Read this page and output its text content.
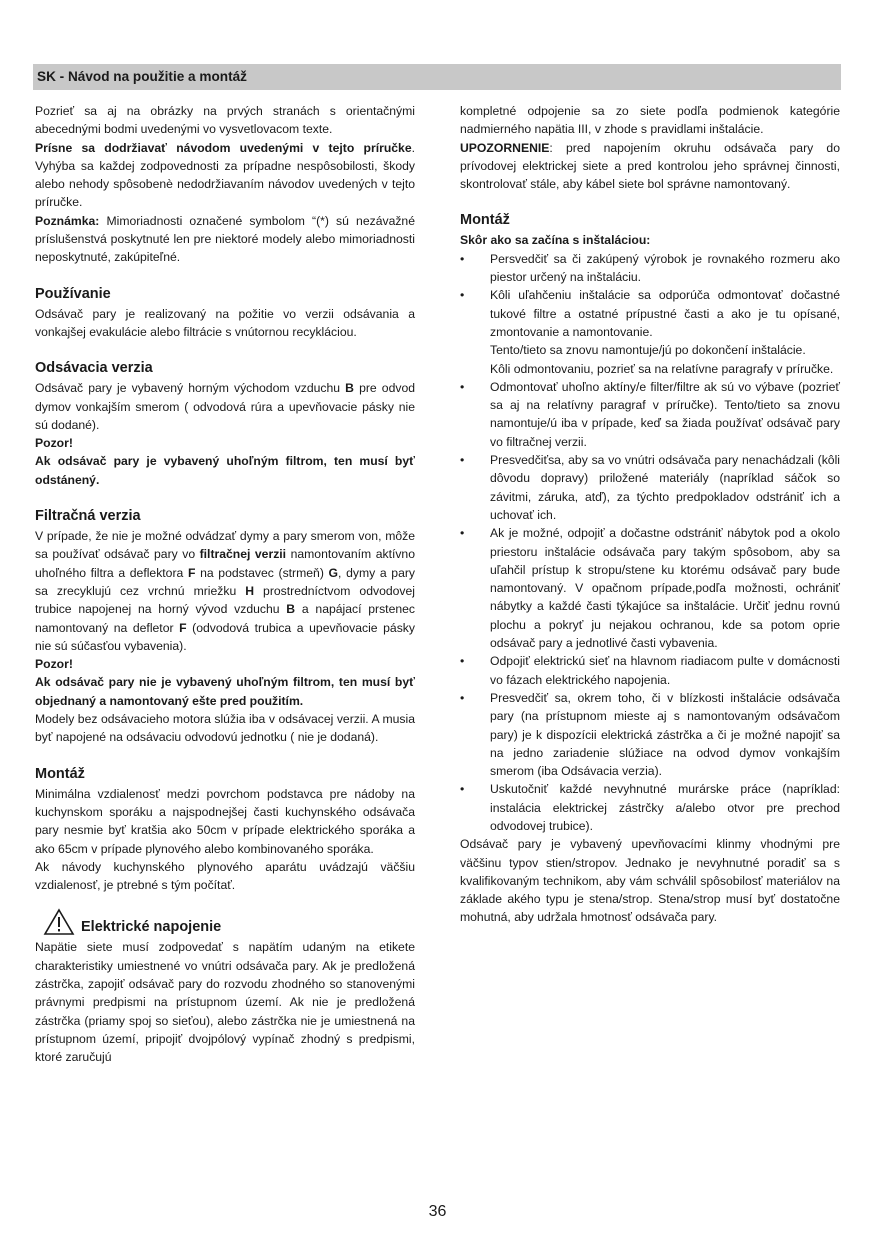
SK - Návod na použitie a montáž

Pozrieť sa aj na obrázky na prvých stranách s orientačnými abecednými bodmi uvedenými vo vysvetlovacom texte.

Prísne sa dodržiavať návodom uvedenými v tejto príručke. Vyhýba sa každej zodpovednosti za prípadne nespôsobilosti, škody alebo nehody spôsobenè nedodržiavaním návodov uvedených v tejto príručke.

Poznámka: Mimoriadnosti označené symbolom “(*) sú nezávažné príslušenstvá poskytnuté len pre niektoré modely alebo mimoriadnosti neposkytnuté, zakúpiteľné.

Používanie

Odsávač pary je realizovaný na požitie vo verzii odsávania a vonkajšej evakulácie alebo filtrácie s vnútornou recykláciou.

Odsávacia verzia

Odsávač pary je vybavený horným východom vzduchu B pre odvod dymov vonkajším smerom ( odvodová rúra a upevňovacie pásky nie sú dodané).

Pozor!

Ak odsávač pary je vybavený uhoľným filtrom, ten musí byť odstánený.

Filtračná verzia

V prípade, že nie je možné odvádzať dymy a pary smerom von, môže sa používať odsávač pary vo filtračnej verzii namontovaním aktívno uhoľného filtra a deflektora F na podstavec (strmeň) G, dymy a pary sa zrecyklujú cez vrchnú mriežku H prostredníctvom odvodovej trubice napojenej na horný vývod vzduchu B a napájací prstenec namontovaný na defletor F (odvodová trubica a upevňovacie pásky nie sú súčasťou vybavenia).

Pozor!

Ak odsávač pary nie je vybavený uhoľným filtrom, ten musí byť objednaný a namontovaný ešte pred použitím.

Modely bez odsávacieho motora slúžia iba v odsávacej verzii. A musia byť napojené na odsávaciu odvodovú jednotku ( nie je dodaná).

Montáž

Minimálna vzdialenosť medzi povrchom podstavca pre nádoby na kuchynskom sporáku a najspodnejšej časti kuchynského odsávača pary nesmie byť kratšia ako 50cm v prípade elektrického sporáka a ako 65cm v prípade plynového alebo kombinovaného sporáka.

Ak návody kuchynského plynového aparátu uvádzajú väčšiu vzdialenosť, je ptrebné s tým počítať.

Elektrické napojenie

Napätie siete musí zodpovedať s napätím udaným na etikete charakteristiky umiestnené vo vnútri odsávača pary. Ak je predložená zástrčka, zapojiť odsávač pary do rozvodu zhodného so stanovenými právnymi predpismi na prístupnom území. Ak nie je predložená zástrčka (priamy spoj so sieťou), alebo zástrčka nie je umiestnená na prístupnom území, pripojiť dvojpólový vypínač zhodný s predpismi, ktoré zaručujú

kompletné odpojenie sa zo siete podľa podmienok kategórie nadmierného napätia III, v zhode s pravidlami inštalácie.

UPOZORNENIE: pred napojením okruhu odsávača pary do prívodovej elektrickej siete a pred kontrolou jeho správnej činnosti, skontrolovať stále, aby kábel siete bol správne namontovaný.

Montáž

Skôr ako sa začína s inštaláciou:

• Persvedčiť sa či zakúpený výrobok je rovnakého rozmeru ako piestor určený na inštaláciu.

• Kôli uľahčeniu inštalácie sa odporúča odmontovať dočastné tukové filtre a ostatné prípustné časti a ako je tu opísané, zmontovanie a namontovanie.

Tento/tieto sa znovu namontuje/jú po dokončení inštalácie.

Kôli odmontovaniu, pozrieť sa na relatívne paragrafy v príručke.

• Odmontovať uhoľno aktíny/e filter/filtre ak sú vo výbave (pozrieť sa aj na relatívny paragraf v príručke). Tento/tieto sa znovu namontuje/ú iba v prípade, keď sa žiada používať odsávač pary vo filtračnej verzii.

• Presvedčiťsa, aby sa vo vnútri odsávača pary nenachádzali (kôli dôvodu dopravy) priložené materiály (napríklad sáčok so závitmi, záruka, atď), za týchto predpokladov odstrániť ich a uchovať ich.

• Ak je možné, odpojiť a dočastne odstrániť nábytok pod a okolo priestoru inštalácie odsávača pary takým spôsobom, aby sa uľahčil prístup k stropu/stene ku ktorému odsávač pary bude namontovaný. V opačnom prípade,podľa možnosti, ochrániť nábytky a každé časti týkajúce sa inštalácie. Určiť jednu rovnú plochu a pokryť ju nejakou ochranou, kde sa potom oprie odsávač pary a jednotlivé časti vybavenia.

• Odpojiť elektrickú sieť na hlavnom riadiacom pulte v domácnosti vo fázach elektrického napojenia.

• Presvedčiť sa, okrem toho, či v blízkosti inštalácie odsávača pary (na prístupnom mieste aj s namontovaným odsávačom pary) je k dispozícii elektrická zástrčka a či je možné napojiť sa na jedno zariadenie slúžiace na odvod dymov vonkajším smerom (iba Odsávacia verzia).

• Uskutočniť každé nevyhnutné murárske práce (napríklad: instalácia elektrickej zástrčky a/alebo otvor pre prechod odvodovej trubice).

Odsávač pary je vybavený upevňovacími klinmy vhodnými pre väčšinu typov stien/stropov. Jednako je nevyhnutné poradiť sa s kvalifikovaným technikom, aby vám schválil spôsobilosť materiálov na základe akého typu je stena/strop. Stena/strop musí byť dostatočne mohutná, aby udržala hmotnosť odsávača pary.

36
